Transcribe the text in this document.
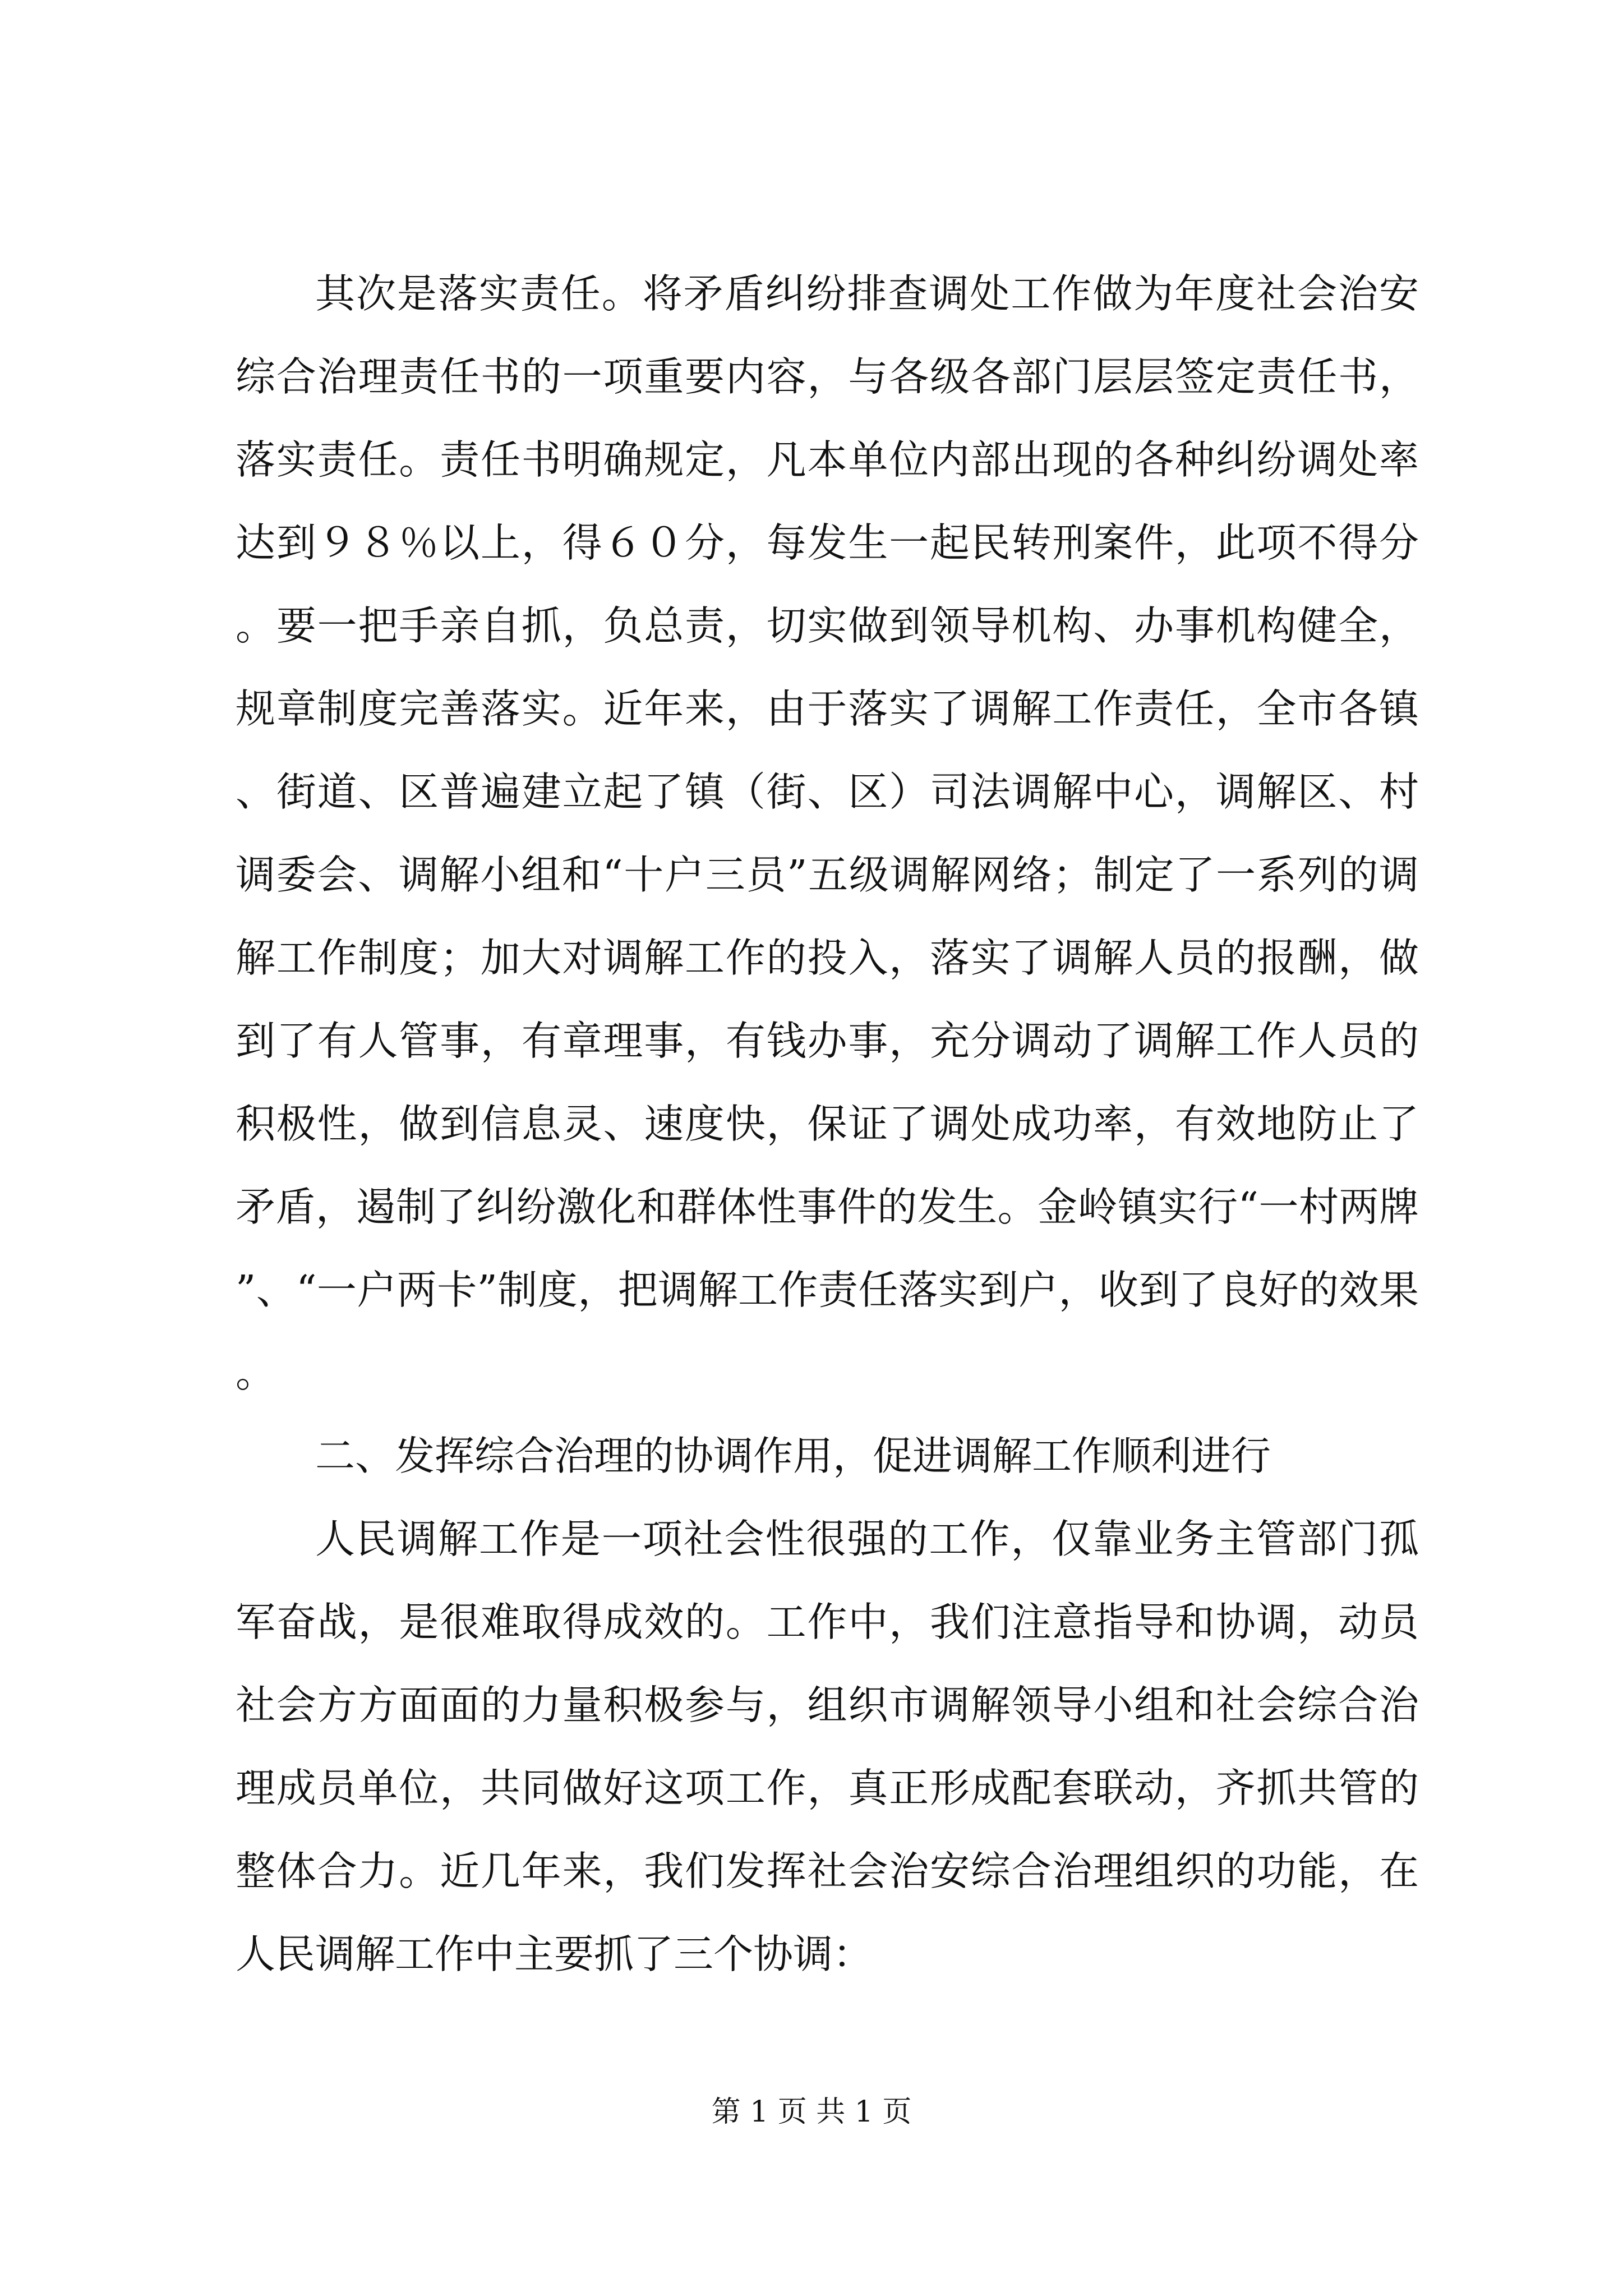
其次是落实责任。将矛盾纠纷排查调处工作做为年度社会治安综合治理责任书的一项重要内容，与各级各部门层层签定责任书，落实责任。责任书明确规定，凡本单位内部出现的各种纠纷调处率达到９８％以上，得６０分，每发生一起民转刑案件，此项不得分。要一把手亲自抓，负总责，切实做到领导机构、办事机构健全，规章制度完善落实。近年来，由于落实了调解工作责任，全市各镇、街道、区普遍建立起了镇（街、区）司法调解中心，调解区、村调委会、调解小组和“十户三员”五级调解网络；制定了一系列的调解工作制度；加大对调解工作的投入，落实了调解人员的报酬，做到了有人管事，有章理事，有钱办事，充分调动了调解工作人员的积极性，做到信息灵、速度快，保证了调处成功率，有效地防止了矛盾，遏制了纠纷激化和群体性事件的发生。金岭镇实行“一村两牌”、“一户两卡”制度，把调解工作责任落实到户，收到了良好的效果。

二、发挥综合治理的协调作用，促进调解工作顺利进行

人民调解工作是一项社会性很强的工作，仅靠业务主管部门孤军奋战，是很难取得成效的。工作中，我们注意指导和协调，动员社会方方面面的力量积极参与，组织市调解领导小组和社会综合治理成员单位，共同做好这项工作，真正形成配套联动，齐抓共管的整体合力。近几年来，我们发挥社会治安综合治理组织的功能，在人民调解工作中主要抓了三个协调：

第 1 页 共 1 页
